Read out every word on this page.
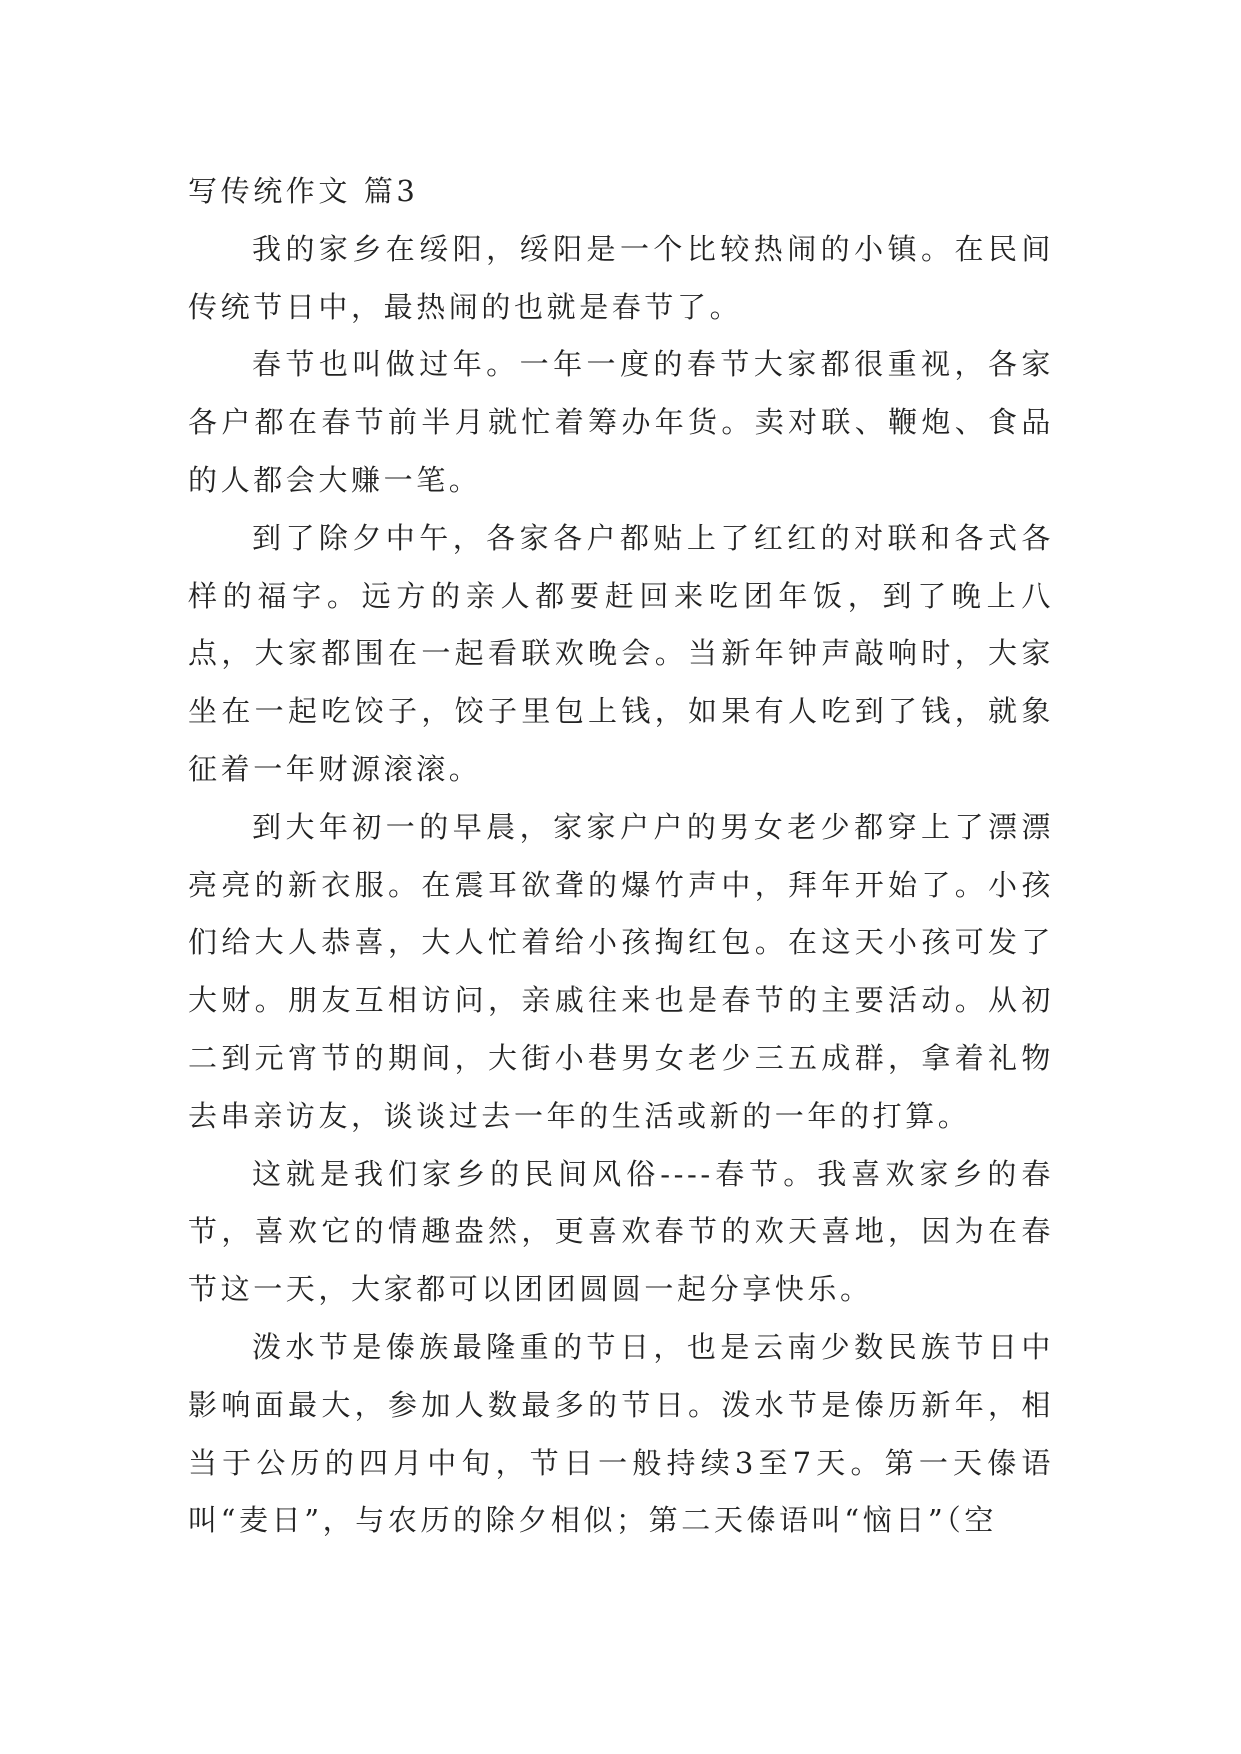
写传统作文 篇3

我的家乡在绥阳，绥阳是一个比较热闹的小镇。在民间传统节日中，最热闹的也就是春节了。

春节也叫做过年。一年一度的春节大家都很重视，各家各户都在春节前半月就忙着筹办年货。卖对联、鞭炮、食品的人都会大赚一笔。

到了除夕中午，各家各户都贴上了红红的对联和各式各样的福字。远方的亲人都要赶回来吃团年饭，到了晚上八点，大家都围在一起看联欢晚会。当新年钟声敲响时，大家坐在一起吃饺子，饺子里包上钱，如果有人吃到了钱，就象征着一年财源滚滚。

到大年初一的早晨，家家户户的男女老少都穿上了漂漂亮亮的新衣服。在震耳欲聋的爆竹声中，拜年开始了。小孩们给大人恭喜，大人忙着给小孩掏红包。在这天小孩可发了大财。朋友互相访问，亲戚往来也是春节的主要活动。从初二到元宵节的期间，大街小巷男女老少三五成群，拿着礼物去串亲访友，谈谈过去一年的生活或新的一年的打算。

这就是我们家乡的民间风俗----春节。我喜欢家乡的春节，喜欢它的情趣盎然，更喜欢春节的欢天喜地，因为在春节这一天，大家都可以团团圆圆一起分享快乐。

泼水节是傣族最隆重的节日，也是云南少数民族节日中影响面最大，参加人数最多的节日。泼水节是傣历新年，相当于公历的四月中旬，节日一般持续3至7天。第一天傣语叫“麦日”，与农历的除夕相似；第二天傣语叫“恼日”（空
